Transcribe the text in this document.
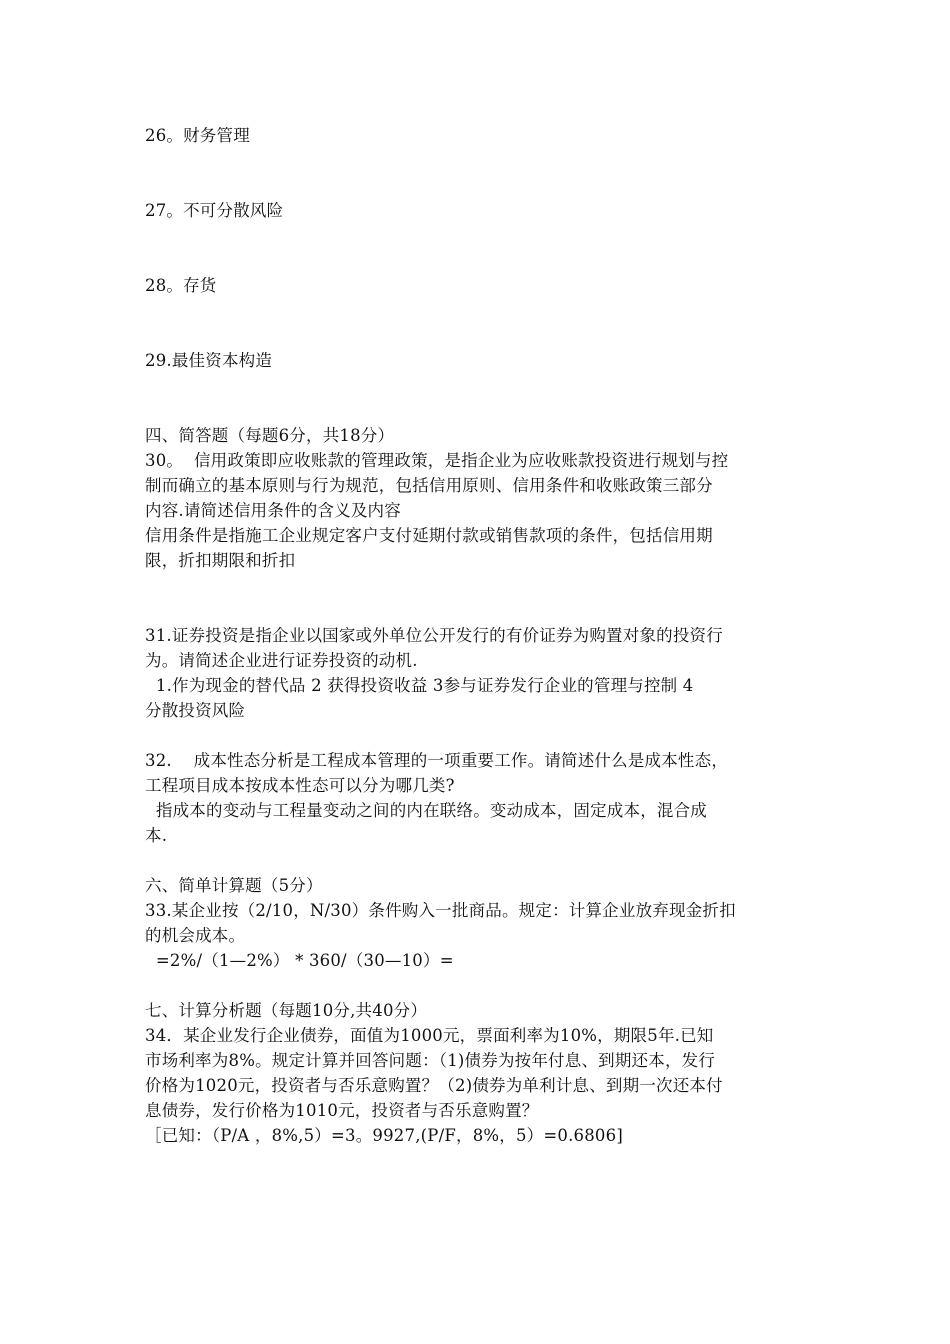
26。财务管理
27。不可分散风险
28。存货
29.最佳资本构造
四、简答题（每题6分，共18分）
30。  信用政策即应收账款的管理政策，是指企业为应收账款投资进行规划与控
制而确立的基本原则与行为规范，包括信用原则、信用条件和收账政策三部分
内容.请简述信用条件的含义及内容
信用条件是指施工企业规定客户支付延期付款或销售款项的条件，包括信用期
限，折扣期限和折扣
31.证券投资是指企业以国家或外单位公开发行的有价证券为购置对象的投资行
为。请简述企业进行证券投资的动机.
1.作为现金的替代品 2 获得投资收益 3参与证券发行企业的管理与控制 4
分散投资风险
32.    成本性态分析是工程成本管理的一项重要工作。请简述什么是成本性态，
工程项目成本按成本性态可以分为哪几类?
指成本的变动与工程量变动之间的内在联络。变动成本，固定成本，混合成
本.
六、简单计算题（5分）
33.某企业按（2/10，N/30）条件购入一批商品。规定：计算企业放弃现金折扣
的机会成本。
=2%/（1—2%） * 360/（30—10）=
七、计算分析题（每题10分,共40分）
34．某企业发行企业债券，面值为1000元，票面利率为10%，期限5年.已知
市场利率为8%。规定计算并回答问题：（1)债券为按年付息、到期还本，发行
价格为1020元，投资者与否乐意购置？（2)债券为单利计息、到期一次还本付
息债券，发行价格为1010元，投资者与否乐意购置？
［已知：（P/A ，8%,5）=3。9927,(P/F，8%，5）=0.6806]
